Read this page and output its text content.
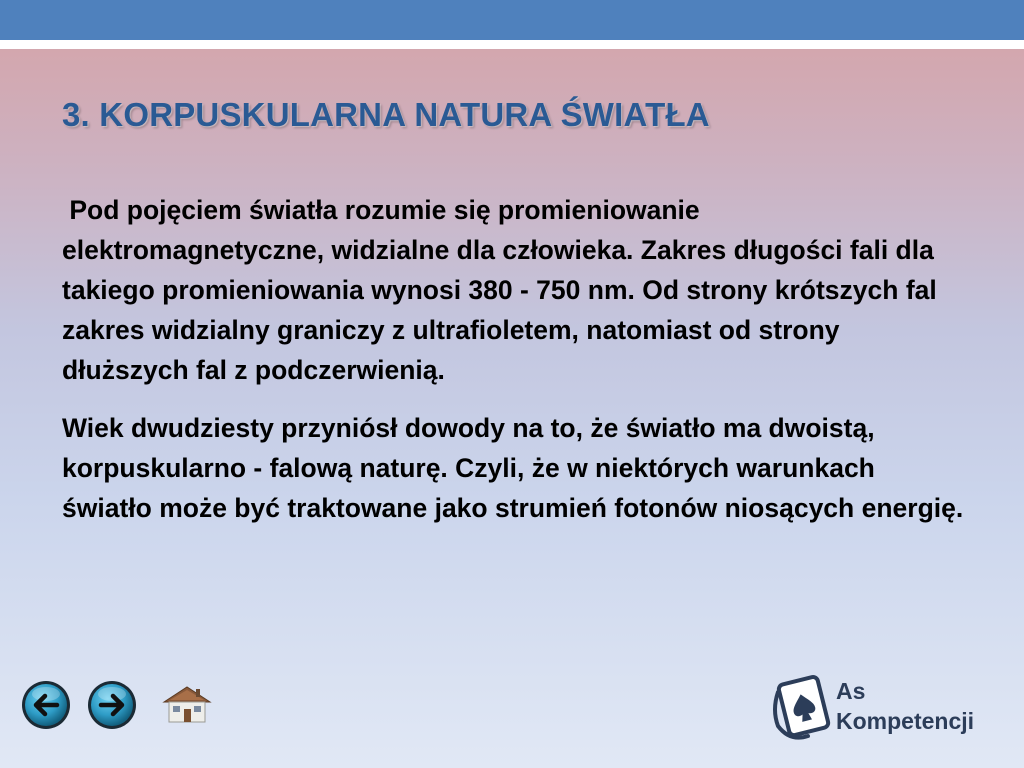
3. KORPUSKULARNA NATURA ŚWIATŁA

Pod pojęciem światła rozumie się promieniowanie elektromagnetyczne, widzialne dla człowieka. Zakres długości fali dla takiego promieniowania wynosi 380 - 750 nm. Od strony krótszych fal zakres widzialny graniczy z ultrafioletem, natomiast od strony dłuższych fal z podczerwienią.

Wiek dwudziesty przyniósł dowody na to, że światło ma dwoistą, korpuskularno - falową naturę. Czyli, że w niektórych warunkach światło może być traktowane jako strumień fotonów niosących energię.

As
Kompetencji
